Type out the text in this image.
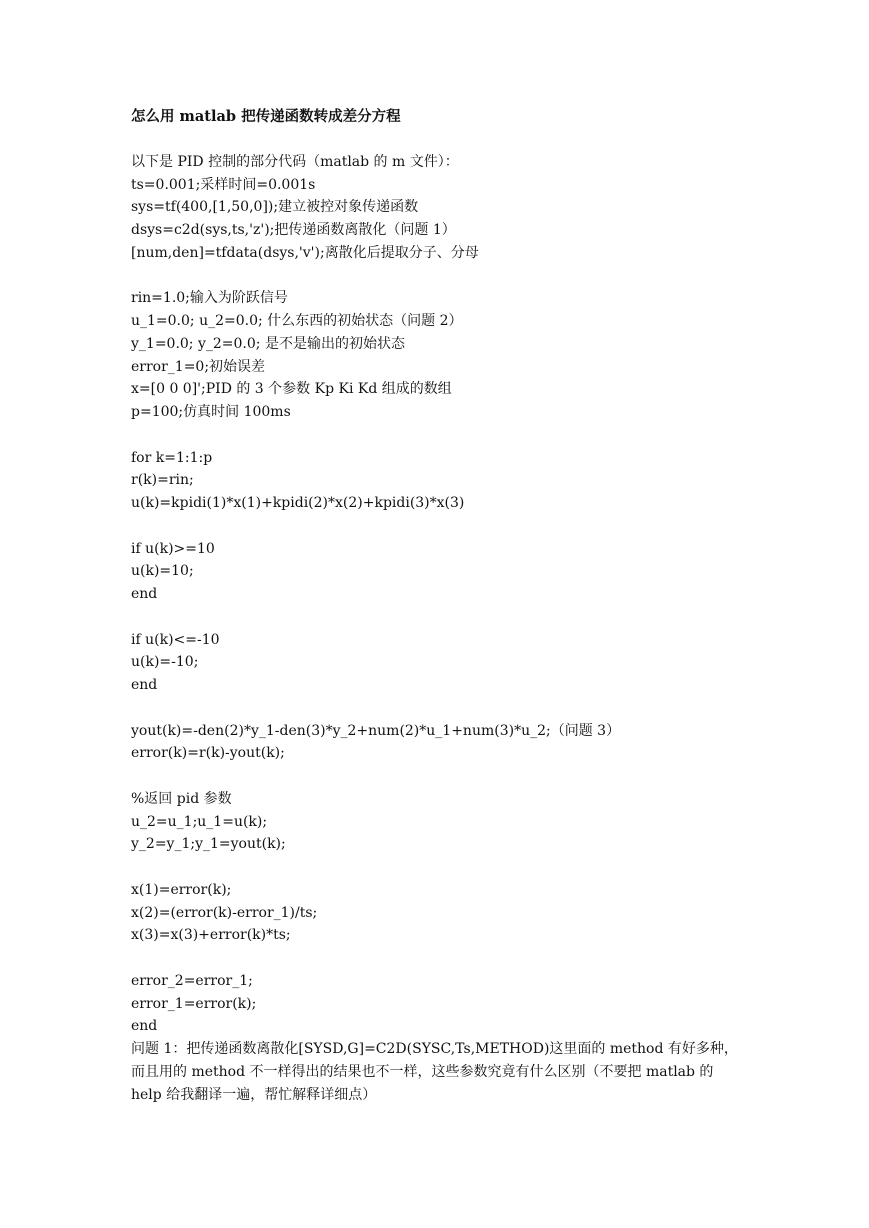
怎么用 matlab 把传递函数转成差分方程
以下是 PID 控制的部分代码（matlab 的 m 文件）：
ts=0.001;采样时间=0.001s
sys=tf(400,[1,50,0]);建立被控对象传递函数
dsys=c2d(sys,ts,'z');把传递函数离散化（问题 1）
[num,den]=tfdata(dsys,'v');离散化后提取分子、分母
rin=1.0;输入为阶跃信号
u_1=0.0; u_2=0.0; 什么东西的初始状态（问题 2）
y_1=0.0; y_2=0.0; 是不是输出的初始状态
error_1=0;初始误差
x=[0 0 0]';PID 的 3 个参数 Kp Ki Kd 组成的数组
p=100;仿真时间 100ms
for k=1:1:p
r(k)=rin;
u(k)=kpidi(1)*x(1)+kpidi(2)*x(2)+kpidi(3)*x(3)
if u(k)>=10
u(k)=10;
end
if u(k)<=-10
u(k)=-10;
end
yout(k)=-den(2)*y_1-den(3)*y_2+num(2)*u_1+num(3)*u_2;（问题 3）
error(k)=r(k)-yout(k);
%返回 pid 参数
u_2=u_1;u_1=u(k);
y_2=y_1;y_1=yout(k);
x(1)=error(k);
x(2)=(error(k)-error_1)/ts;
x(3)=x(3)+error(k)*ts;
error_2=error_1;
error_1=error(k);
end
问题 1：把传递函数离散化[SYSD,G]=C2D(SYSC,Ts,METHOD)这里面的 method 有好多种，
而且用的 method 不一样得出的结果也不一样，这些参数究竟有什么区别（不要把 matlab 的
help 给我翻译一遍，帮忙解释详细点）
